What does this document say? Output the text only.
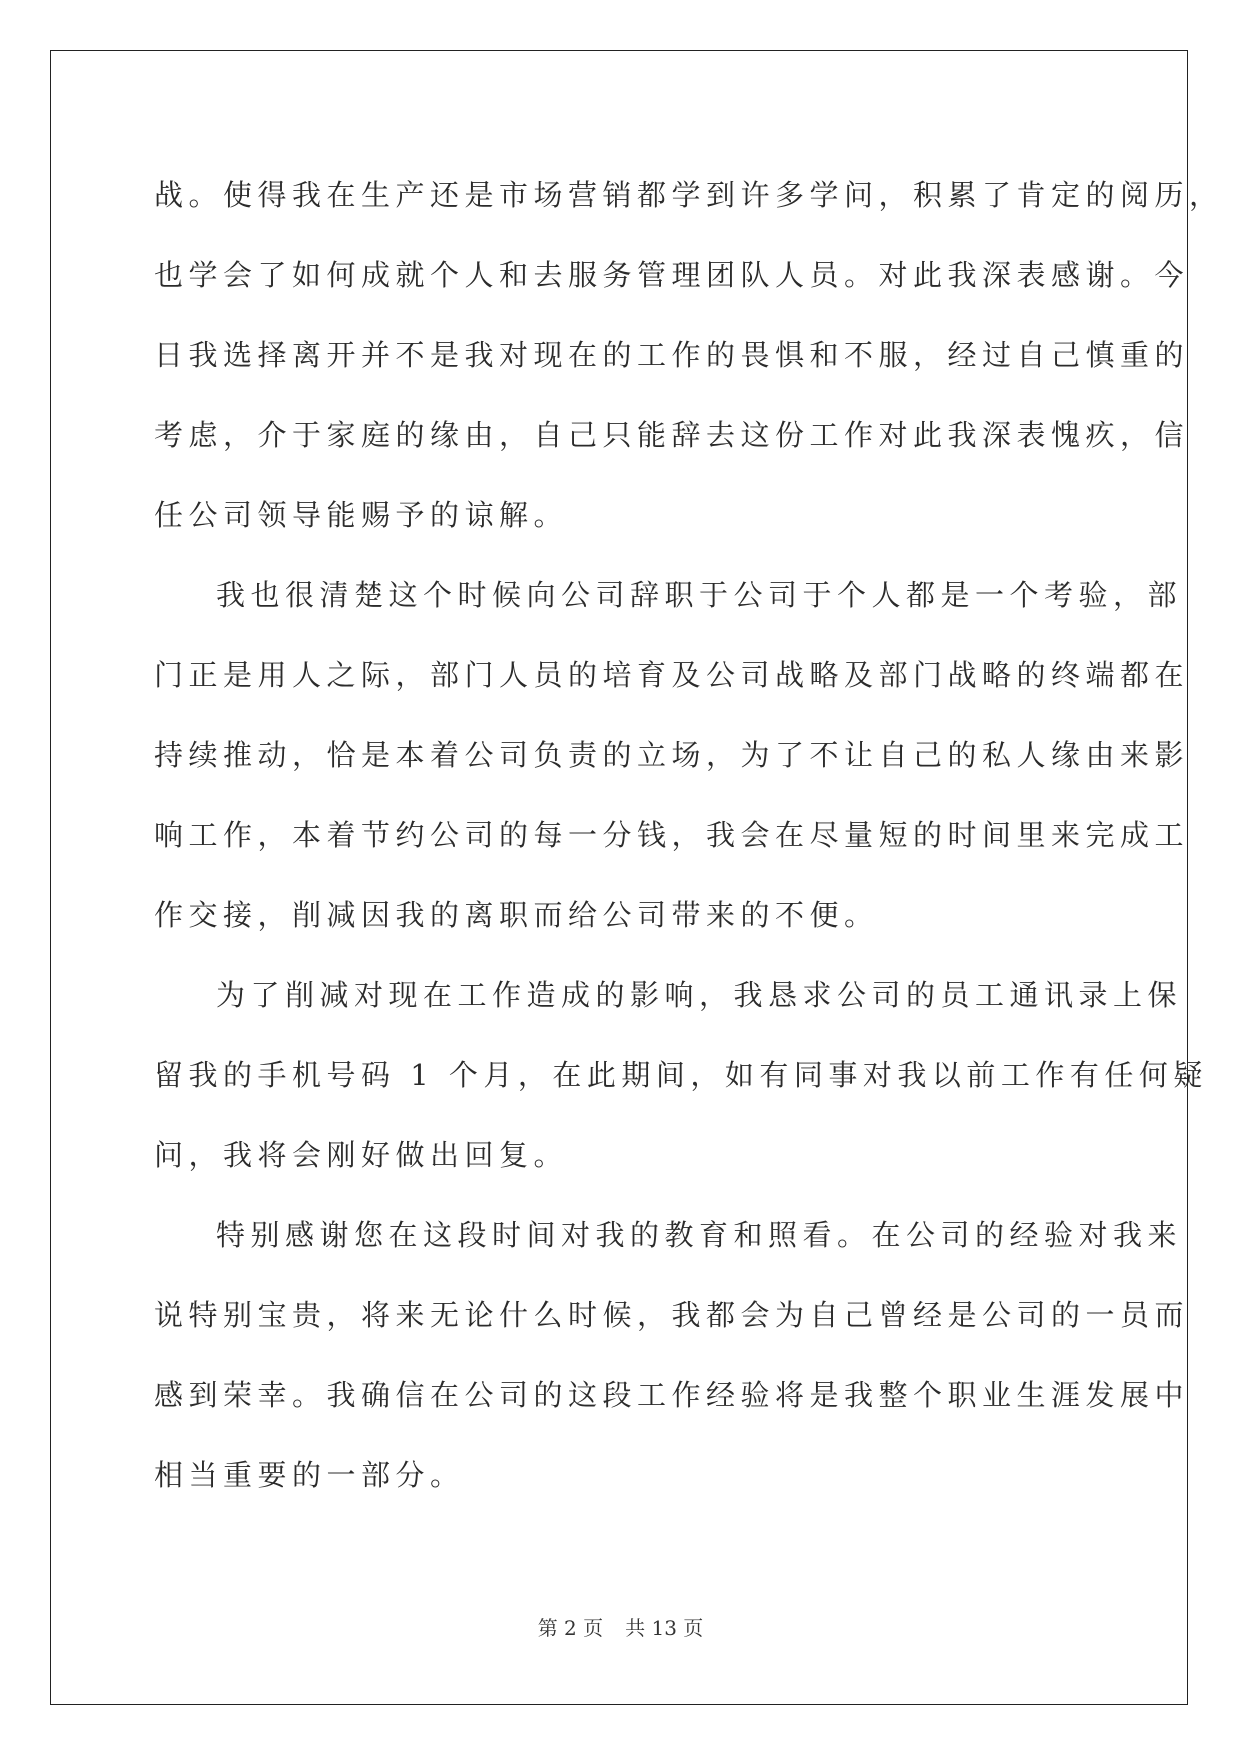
战。使得我在生产还是市场营销都学到许多学问，积累了肯定的阅历，
也学会了如何成就个人和去服务管理团队人员。对此我深表感谢。今
日我选择离开并不是我对现在的工作的畏惧和不服，经过自己慎重的
考虑，介于家庭的缘由，自己只能辞去这份工作对此我深表愧疚，信
任公司领导能赐予的谅解。
我也很清楚这个时候向公司辞职于公司于个人都是一个考验，部
门正是用人之际，部门人员的培育及公司战略及部门战略的终端都在
持续推动，恰是本着公司负责的立场，为了不让自己的私人缘由来影
响工作，本着节约公司的每一分钱，我会在尽量短的时间里来完成工
作交接，削减因我的离职而给公司带来的不便。
为了削减对现在工作造成的影响，我恳求公司的员工通讯录上保
留我的手机号码 1 个月，在此期间，如有同事对我以前工作有任何疑
问，我将会刚好做出回复。
特别感谢您在这段时间对我的教育和照看。在公司的经验对我来
说特别宝贵，将来无论什么时候，我都会为自己曾经是公司的一员而
感到荣幸。我确信在公司的这段工作经验将是我整个职业生涯发展中
相当重要的一部分。
第 2 页 共 13 页
